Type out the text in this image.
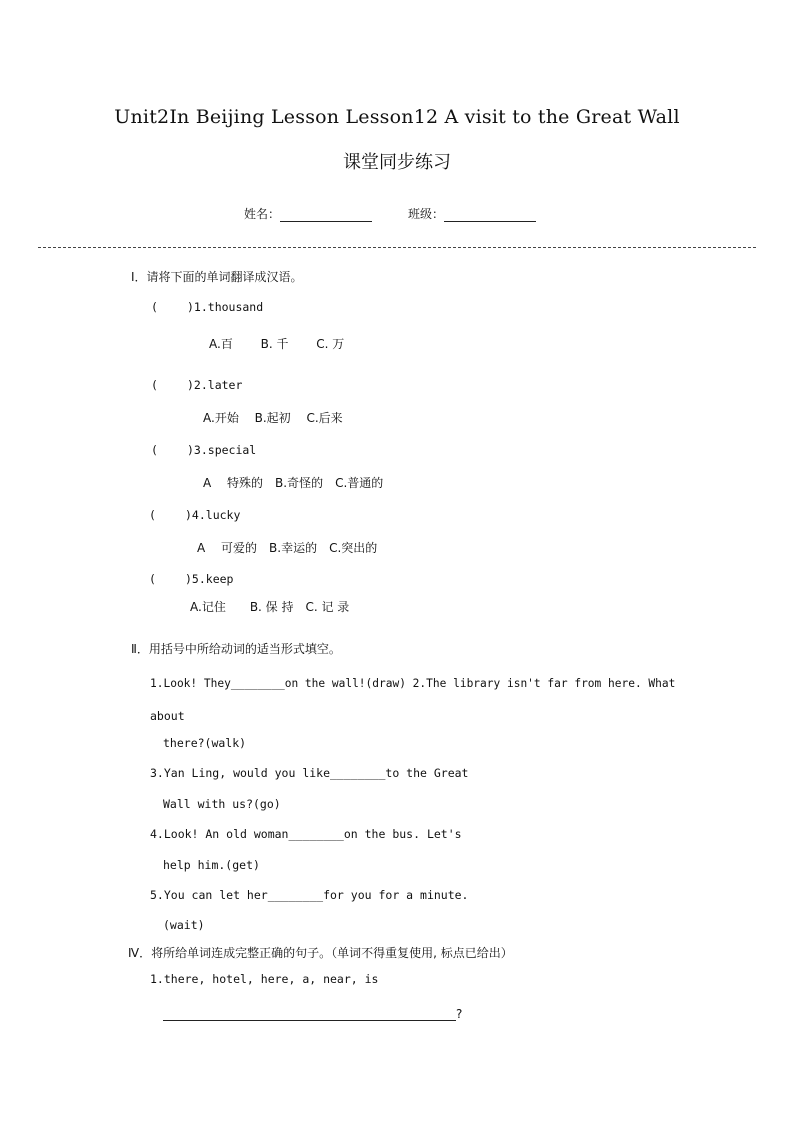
Unit2In Beijing Lesson Lesson12 A visit to the Great Wall
课堂同步练习
姓名：	班级：
Ⅰ．请将下面的单词翻译成汉语。
(	)1.thousand
A.百　　 B. 千　　 C. 万
(	)2.later
A.开始　 B.起初　 C.后来
(	)3.special
A　 特殊的　B.奇怪的　C.普通的
(	)4.lucky
A　 可爱的　B.幸运的　C.突出的
(	)5.keep
A.记住　　B. 保 持　C. 记 录
Ⅱ．用括号中所给动词的适当形式填空。
1.Look! They________on the wall!(draw) 2.The library isn't far from here. What
about
there?(walk)
3.Yan Ling, would you like________to the Great
Wall with us?(go)
4.Look! An old woman________on the bus. Let's
help him.(get)
5.You can let her________for you for a minute.
(wait)
Ⅳ．将所给单词连成完整正确的句子。（单词不得重复使用, 标点已给出）
1.there, hotel, here, a, near, is
?
